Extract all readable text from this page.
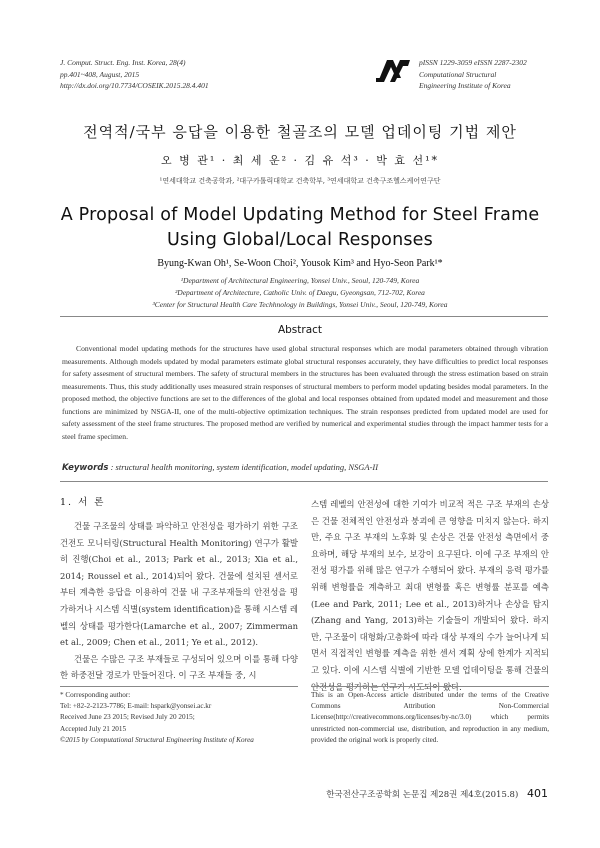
J. Comput. Struct. Eng. Inst. Korea, 28(4)
pp.401~408, August, 2015
http://dx.doi.org/10.7734/COSEIK.2015.28.4.401
pISSN 1229-3059 eISSN 2287-2302
Computational Structural
Engineering Institute of Korea
전역적/국부 응답을 이용한 철골조의 모델 업데이팅 기법 제안
오 병 관¹ · 최 세 운² · 김 유 석³ · 박 효 선¹*
¹연세대학교 건축공학과, ²대구카톨릭대학교 건축학부, ³연세대학교 건축구조헬스케어연구단
A Proposal of Model Updating Method for Steel Frame Using Global/Local Responses
Byung-Kwan Oh¹, Se-Woon Choi², Yousok Kim³ and Hyo-Seon Park¹*
¹Department of Architectural Engineering, Yonsei Univ., Seoul, 120-749, Korea
²Department of Architecture, Catholic Univ. of Daegu, Gyeongsan, 712-702, Korea
³Center for Structural Health Care Techhnology in Buildings, Yonsei Univ., Seoul, 120-749, Korea
Abstract
Conventional model updating methods for the structures have used global structural responses which are modal parameters obtained through vibration measurements. Although models updated by modal parameters estimate global structural responses accurately, they have difficulties to predict local responses for safety assesment of structural members. The safety of structural members in the structures has been evaluated through the stress estimation based on strain measurements. Thus, this study additionally uses measured strain responses of structural members to perform model updating besides modal parameters. In the proposed method, the objective functions are set to the differences of the global and local responses obtained from updated model and measurement and those functions are minimized by NSGA-II, one of the multi-objective optimization techniques. The strain responses predicted from updated model are used for safety assessment of the steel frame structures. The proposed method are verified by numerical and experimental studies through the impact hammer tests for a steel frame specimen.
Keywords : structural health monitoring, system identification, model updating, NSGA-II
1. 서 론

건물 구조물의 상태를 파악하고 안전성을 평가하기 위한 구조 건전도 모니터링(Structural Health Monitoring) 연구가 활발히 진행(Choi et al., 2013; Park et al., 2013; Xia et al., 2014; Roussel et al., 2014)되어 왔다. 건물에 설치된 센서로부터 계측한 응답을 이용하여 건물 내 구조부재들의 안전성을 평가하거나 시스템 식별(system identification)을 통해 시스템 레벨의 상태를 평가한다(Lamarche et al., 2007; Zimmerman et al., 2009; Chen et al., 2011; Ye et al., 2012).

건물은 수많은 구조 부재들로 구성되어 있으며 이를 통해 다양한 하중전달 경로가 만들어진다. 이 구조 부재들 중, 시

스템 레벨의 안전성에 대한 기여가 비교적 적은 구조 부재의 손상은 건물 전체적인 안전성과 붕괴에 큰 영향을 미치지 않는다. 하지만, 주요 구조 부재의 노후화 및 손상은 건물 안전성 측면에서 중요하며, 해당 부재의 보수, 보강이 요구된다. 이에 구조 부재의 안전성 평가를 위해 많은 연구가 수행되어 왔다. 부재의 응력 평가를 위해 변형률을 계측하고 최대 변형률 혹은 변형률 분포를 예측(Lee and Park, 2011; Lee et al., 2013)하거나 손상을 탐지(Zhang and Yang, 2013)하는 기술들이 개발되어 왔다. 하지만, 구조물이 대형화/고층화에 따라 대상 부재의 수가 늘어나게 되면서 직접적인 변형률 계측을 위한 센서 계획 상에 한계가 지적되고 있다. 이에 시스템 식별에 기반한 모델 업데이팅을 통해 건물의 안전성을 평가하는 연구가 시도되어 왔다.

* Corresponding author:
Tel: +82-2-2123-7786; E-mail: hspark@yonsei.ac.kr
Received June 23 2015; Revised July 20 2015;
Accepted July 21 2015
©2015 by Computational Structural Engineering Institute of Korea
This is an Open-Access article distributed under the terms of the Creative Commons Attribution Non-Commercial License(http://creativecommons.org/licenses/by-nc/3.0) which permits unrestricted non-commercial use, distribution, and reproduction in any medium, provided the original work is properly cited.
한국전산구조공학회 논문집 제28권 제4호(2015.8) 401
